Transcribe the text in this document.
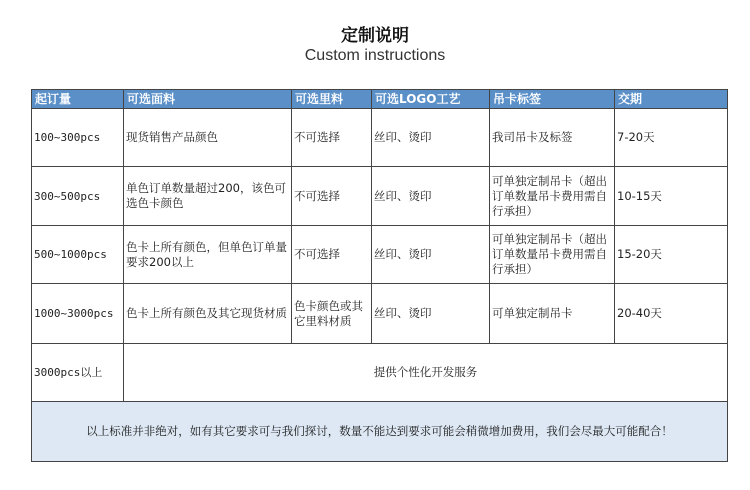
定制说明
Custom instructions
起订量	可选面料	可选里料	可选LOGO工艺	吊卡标签	交期
100~300pcs	现货销售产品颜色	不可选择	丝印、烫印	我司吊卡及标签	7-20天
300~500pcs	单色订单数量超过200，该色可选色卡颜色	不可选择	丝印、烫印	可单独定制吊卡（超出订单数量吊卡费用需自行承担）	10-15天
500~1000pcs	色卡上所有颜色，但单色订单量要求200以上	不可选择	丝印、烫印	可单独定制吊卡（超出订单数量吊卡费用需自行承担）	15-20天
1000~3000pcs	色卡上所有颜色及其它现货材质	色卡颜色或其它里料材质	丝印、烫印	可单独定制吊卡	20-40天
3000pcs以上	提供个性化开发服务				
以上标准并非绝对，如有其它要求可与我们探讨，数量不能达到要求可能会稍微增加费用，我们会尽最大可能配合！					
